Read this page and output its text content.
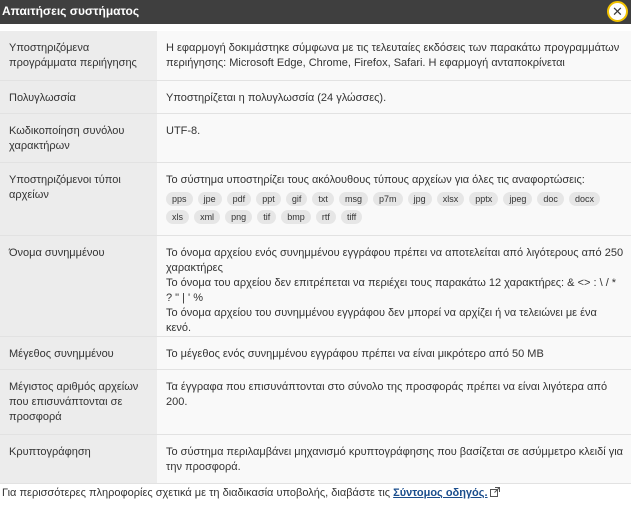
Απαιτήσεις συστήματος	✕
Υποστηριζόμενα προγράμματα περιήγησης	Η εφαρμογή δοκιμάστηκε σύμφωνα με τις τελευταίες εκδόσεις των παρακάτω προγραμμάτων περιήγησης: Microsoft Edge, Chrome, Firefox, Safari. Η εφαρμογή ανταποκρίνεται
Πολυγλωσσία	Υποστηρίζεται η πολυγλωσσία (24 γλώσσες).
Κωδικοποίηση συνόλου χαρακτήρων	UTF-8.
Υποστηριζόμενοι τύποι αρχείων	Το σύστημα υποστηρίζει τους ακόλουθους τύπους αρχείων για όλες τις αναφορτώσεις:
pps jpe pdf ppt gif txt msg p7m jpg xlsx pptx jpeg doc docx xls xml png tif bmp rtf tiff

Όνομα συνημμένου	Το όνομα αρχείου ενός συνημμένου εγγράφου πρέπει να αποτελείται από λιγότερους από 250 χαρακτήρες
Το όνομα του αρχείου δεν επιτρέπεται να περιέχει τους παρακάτω 12 χαρακτήρες: & <> : \ / * ? " | ' %
Το όνομα αρχείου του συνημμένου εγγράφου δεν μπορεί να αρχίζει ή να τελειώνει με ένα κενό.

Μέγεθος συνημμένου	Το μέγεθος ενός συνημμένου εγγράφου πρέπει να είναι μικρότερο από 50 MB
Μέγιστος αριθμός αρχείων που επισυνάπτονται σε προσφορά	Τα έγγραφα που επισυνάπτονται στο σύνολο της προσφοράς πρέπει να είναι λιγότερα από 200.
Κρυπτογράφηση	Το σύστημα περιλαμβάνει μηχανισμό κρυπτογράφησης που βασίζεται σε ασύμμετρο κλειδί για την προσφορά.
Για περισσότερες πληροφορίες σχετικά με τη διαδικασία υποβολής, διαβάστε τις Σύντομος οδηγός.
